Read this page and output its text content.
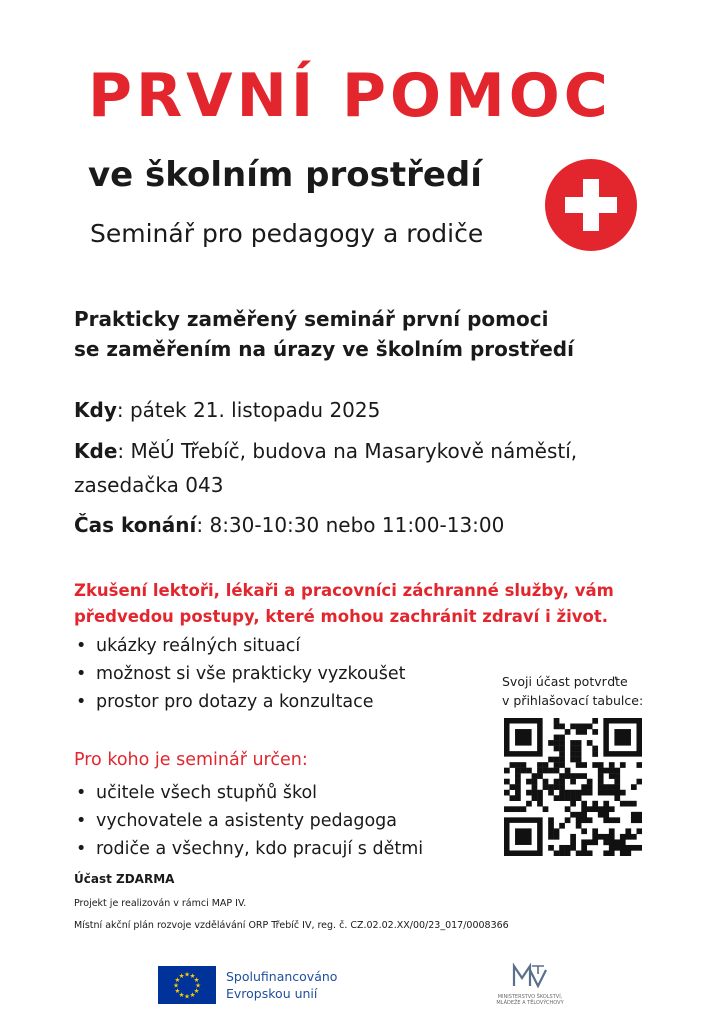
PRVNÍ POMOC
ve školním prostředí
Seminář pro pedagogy a rodiče
Prakticky zaměřený seminář první pomoci
se zaměřením na úrazy ve školním prostředí
Kdy: pátek 21. listopadu 2025
Kde: MěÚ Třebíč, budova na Masarykově náměstí, zasedačka 043
Čas konání: 8:30-10:30 nebo 11:00-13:00
Zkušení lektoři, lékaři a pracovníci záchranné služby, vám
předvedou postupy, které mohou zachránit zdraví i život.
• ukázky reálných situací
• možnost si vše prakticky vyzkoušet
• prostor pro dotazy a konzultace
Pro koho je seminář určen:
• učitele všech stupňů škol
• vychovatele a asistenty pedagoga
• rodiče a všechny, kdo pracují s dětmi
Svoji účast potvrďte
v přihlašovací tabulce:
Účast ZDARMA
Projekt je realizován v rámci MAP IV.
Místní akční plán rozvoje vzdělávání ORP Třebíč IV, reg. č. CZ.02.02.XX/00/23_017/0008366
★
★
★
★
★
★
★
★
★ ★ ★
★ Spolufinancováno
Evropskou unií	MINISTERSTVO ŠKOLSTVÍ,
MLÁDEŽE A TĚLOVÝCHOVY
